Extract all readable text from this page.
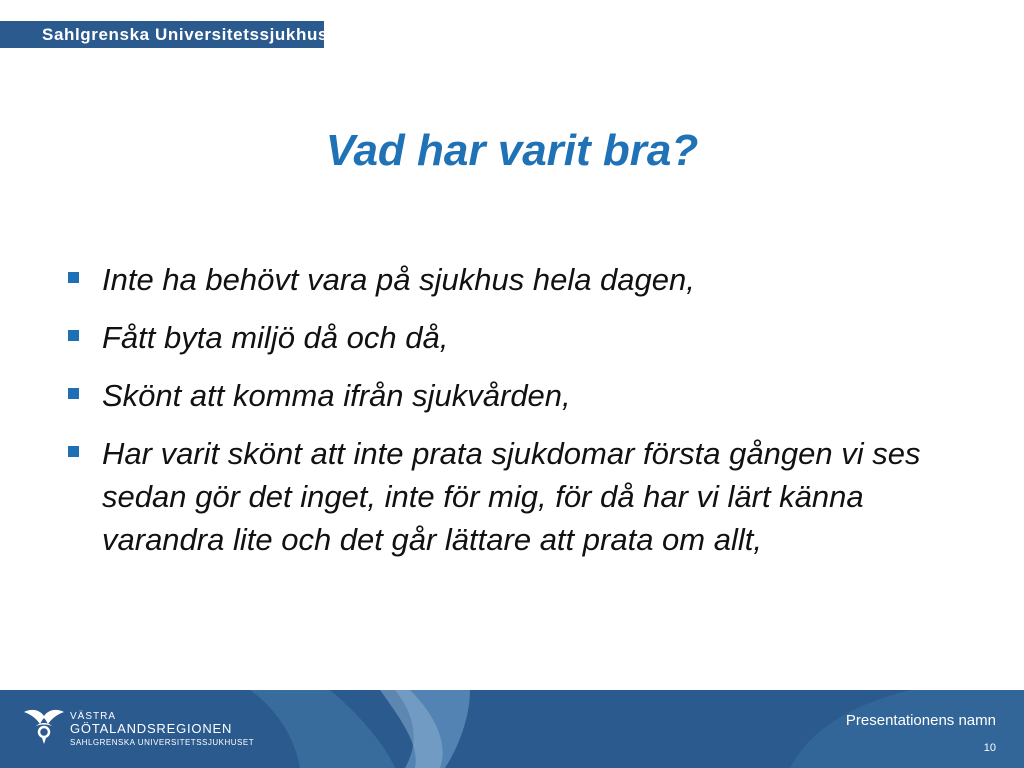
Sahlgrenska Universitetssjukhuset
Vad har varit bra?
Inte ha behövt vara på sjukhus hela dagen,
Fått byta miljö då och då,
Skönt att komma ifrån sjukvården,
Har varit skönt att inte prata sjukdomar första gången vi ses sedan gör det inget, inte för mig, för då har vi lärt känna varandra lite och det går lättare att prata om allt,
VÄSTRA
GÖTALANDSREGIONEN
SAHLGRENSKA UNIVERSITETSSJUKHUSET
Presentationens namn
10
